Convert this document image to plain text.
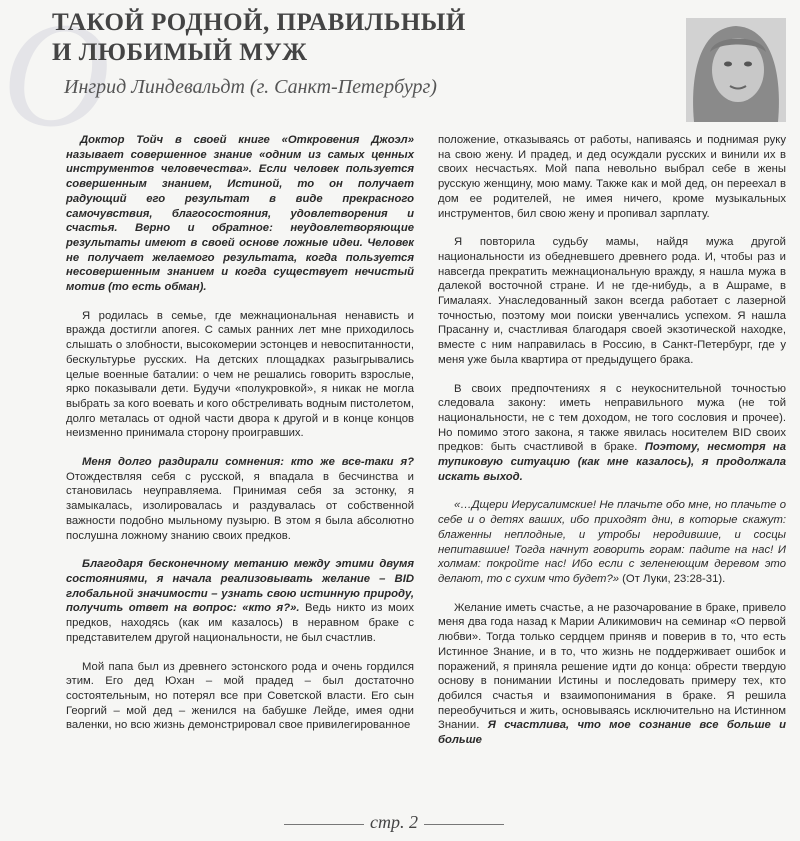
О
ТАКОЙ РОДНОЙ, ПРАВИЛЬНЫЙ
И ЛЮБИМЫЙ МУЖ
Ингрид Линдевальдт (г. Санкт-Петербург)

Доктор Тойч в своей книге «Откровения Джоэл» называет совершенное знание «одним из самых ценных инструментов человечества». Если человек пользуется совершенным знанием, Истиной, то он получает радующий его результат в виде прекрасного самочувствия, благосостояния, удовлетворения и счастья. Верно и обратное: неудовлетворяющие результаты имеют в своей основе ложные идеи. Человек не получает желаемого результата, когда пользуется несовершенным знанием и когда существует нечистый мотив (то есть обман).

Я родилась в семье, где межнациональная ненависть и вражда достигли апогея. С самых ранних лет мне приходилось слышать о злобности, высокомерии эстонцев и невоспитанности, бескультурье русских. На детских площадках разыгрывались целые военные баталии: о чем не решались говорить взрослые, ярко показывали дети. Будучи «полукровкой», я никак не могла выбрать за кого воевать и кого обстреливать водным пистолетом, долго металась от одной части двора к другой и в конце концов неизменно принимала сторону проигравших.

Меня долго раздирали сомнения: кто же все-таки я? Отождествляя себя с русской, я впадала в бесчинства и становилась неуправляема. Принимая себя за эстонку, я замыкалась, изолировалась и раздувалась от собственной важности подобно мыльному пузырю. В этом я была абсолютно послушна ложному знанию своих предков.

Благодаря бесконечному метанию между этими двумя состояниями, я начала реализовывать желание – BID глобальной значимости – узнать свою истинную природу, получить ответ на вопрос: «кто я?». Ведь никто из моих предков, находясь (как им казалось) в неравном браке с представителем другой национальности, не был счастлив.

Мой папа был из древнего эстонского рода и очень гордился этим. Его дед Юхан – мой прадед – был достаточно состоятельным, но потерял все при Советской власти. Его сын Георгий – мой дед – женился на бабушке Лейде, имея одни валенки, но всю жизнь демонстрировал свое привилегированное

положение, отказываясь от работы, напиваясь и поднимая руку на свою жену. И прадед, и дед осуждали русских и винили их в своих несчастьях. Мой папа невольно выбрал себе в жены русскую женщину, мою маму. Также как и мой дед, он переехал в дом ее родителей, не имея ничего, кроме музыкальных инструментов, бил свою жену и пропивал зарплату.

Я повторила судьбу мамы, найдя мужа другой национальности из обедневшего древнего рода. И, чтобы раз и навсегда прекратить межнациональную вражду, я нашла мужа в далекой восточной стране. И не где-нибудь, а в Ашраме, в Гималаях. Унаследованный закон всегда работает с лазерной точностью, поэтому мои поиски увенчались успехом. Я нашла Прасанну и, счастливая благодаря своей экзотической находке, вместе с ним направилась в Россию, в Санкт-Петербург, где у меня уже была квартира от предыдущего брака.

В своих предпочтениях я с неукоснительной точностью следовала закону: иметь неправильного мужа (не той национальности, не с тем доходом, не того сословия и прочее). Но помимо этого закона, я также явилась носителем BID своих предков: быть счастливой в браке. Поэтому, несмотря на тупиковую ситуацию (как мне казалось), я продолжала искать выход.

«…Дщери Иерусалимские! Не плачьте обо мне, но плачьте о себе и о детях ваших, ибо приходят дни, в которые скажут: блаженны неплодные, и утробы неродившие, и сосцы непитавшие! Тогда начнут говорить горам: падите на нас! И холмам: покройте нас! Ибо если с зеленеющим деревом это делают, то с сухим что будет?» (От Луки, 23:28-31).

Желание иметь счастье, а не разочарование в браке, привело меня два года назад к Марии Аликимович на семинар «О первой любви». Тогда только сердцем приняв и поверив в то, что есть Истинное Знание, и в то, что жизнь не поддерживает ошибок и поражений, я приняла решение идти до конца: обрести твердую основу в понимании Истины и последовать примеру тех, кто добился счастья и взаимопонимания в браке. Я решила перeобучиться и жить, основываясь исключительно на Истинном Знании. Я счастлива, что мое сознание все больше и больше

стр. 2
